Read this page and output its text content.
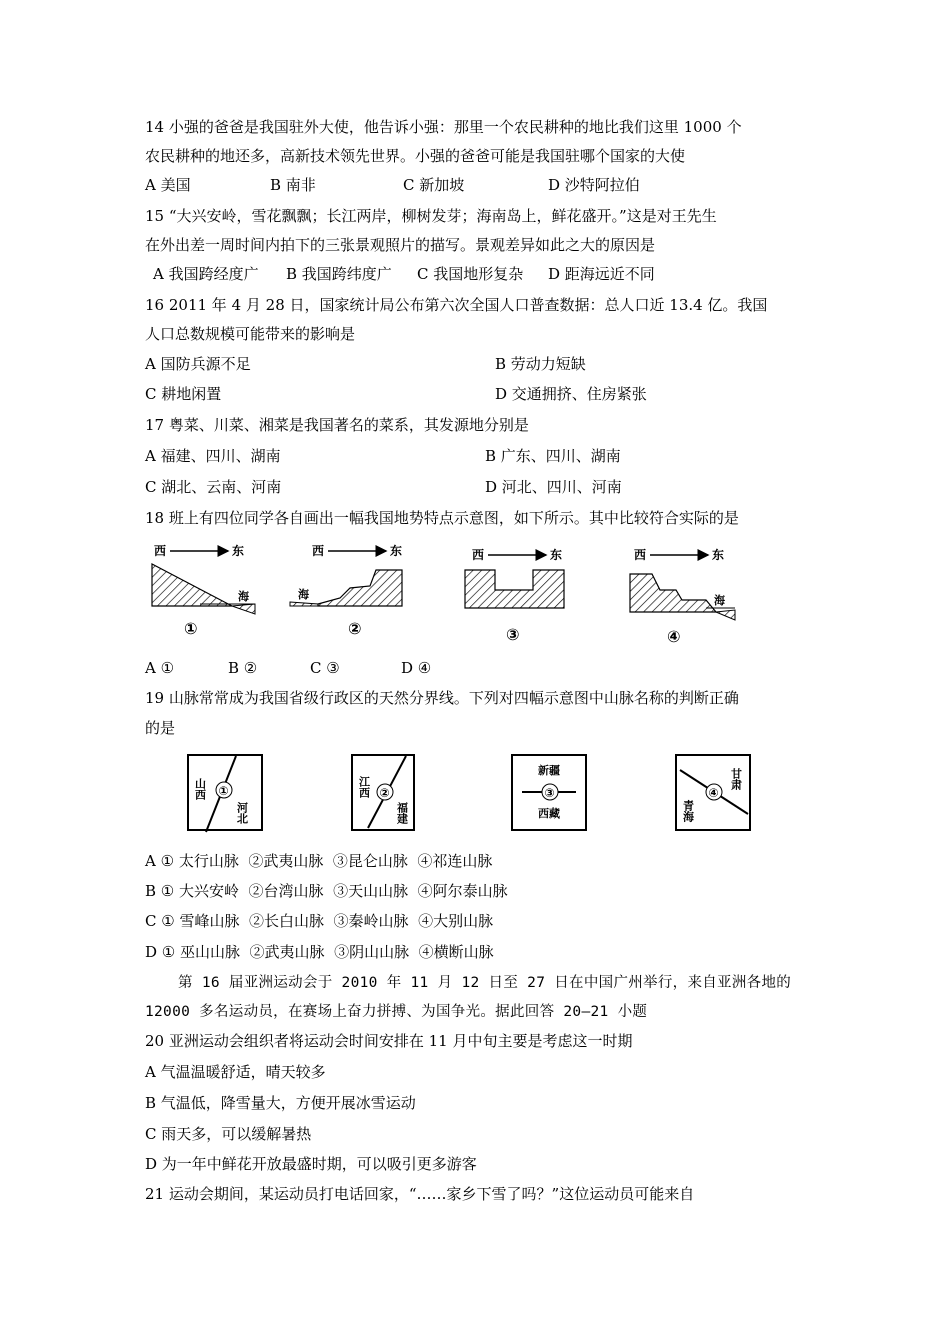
14 小强的爸爸是我国驻外大使，他告诉小强：那里一个农民耕种的地比我们这里 1000 个
农民耕种的地还多，高新技术领先世界。小强的爸爸可能是我国驻哪个国家的大使
A 美国	B 南非	C 新加坡	D 沙特阿拉伯
15 “大兴安岭，雪花飘飘；长江两岸，柳树发芽；海南岛上，鲜花盛开。”这是对王先生
在外出差一周时间内拍下的三张景观照片的描写。景观差异如此之大的原因是
A 我国跨经度广 B 我国跨纬度广 C 我国地形复杂 D 距海远近不同
16 2011 年 4 月 28 日，国家统计局公布第六次全国人口普查数据：总人口近 13.4 亿。我国
人口总数规模可能带来的影响是
A 国防兵源不足	B 劳动力短缺
C 耕地闲置	D 交通拥挤、住房紧张
17 粤菜、川菜、湘菜是我国著名的菜系，其发源地分别是
A 福建、四川、湖南	B 广东、四川、湖南
C 湖北、云南、河南	D 河北、四川、河南
18 班上有四位同学各自画出一幅我国地势特点示意图，如下所示。其中比较符合实际的是
西	东
海
①
西	东
海
②
西	东
③
西	东
海
④
A ①	B ②	C ③	D ④
19 山脉常常成为我国省级行政区的天然分界线。下列对四幅示意图中山脉名称的判断正确
的是
①
山西
河北
②
江西
福建
③
新疆
西藏
④
青海
甘肃
A ① 太行山脉  ②武夷山脉  ③昆仑山脉  ④祁连山脉
B ① 大兴安岭  ②台湾山脉  ③天山山脉  ④阿尔泰山脉
C ① 雪峰山脉  ②长白山脉  ③秦岭山脉  ④大别山脉
D ① 巫山山脉  ②武夷山脉  ③阴山山脉  ④横断山脉
第 16 届亚洲运动会于 2010 年 11 月 12 日至 27 日在中国广州举行，来自亚洲各地的
12000 多名运动员，在赛场上奋力拼搏、为国争光。据此回答 20—21 小题
20 亚洲运动会组织者将运动会时间安排在 11 月中旬主要是考虑这一时期
A 气温温暖舒适，晴天较多
B 气温低，降雪量大，方便开展冰雪运动
C 雨天多，可以缓解暑热
D 为一年中鲜花开放最盛时期，可以吸引更多游客
21 运动会期间，某运动员打电话回家，“……家乡下雪了吗？”这位运动员可能来自
